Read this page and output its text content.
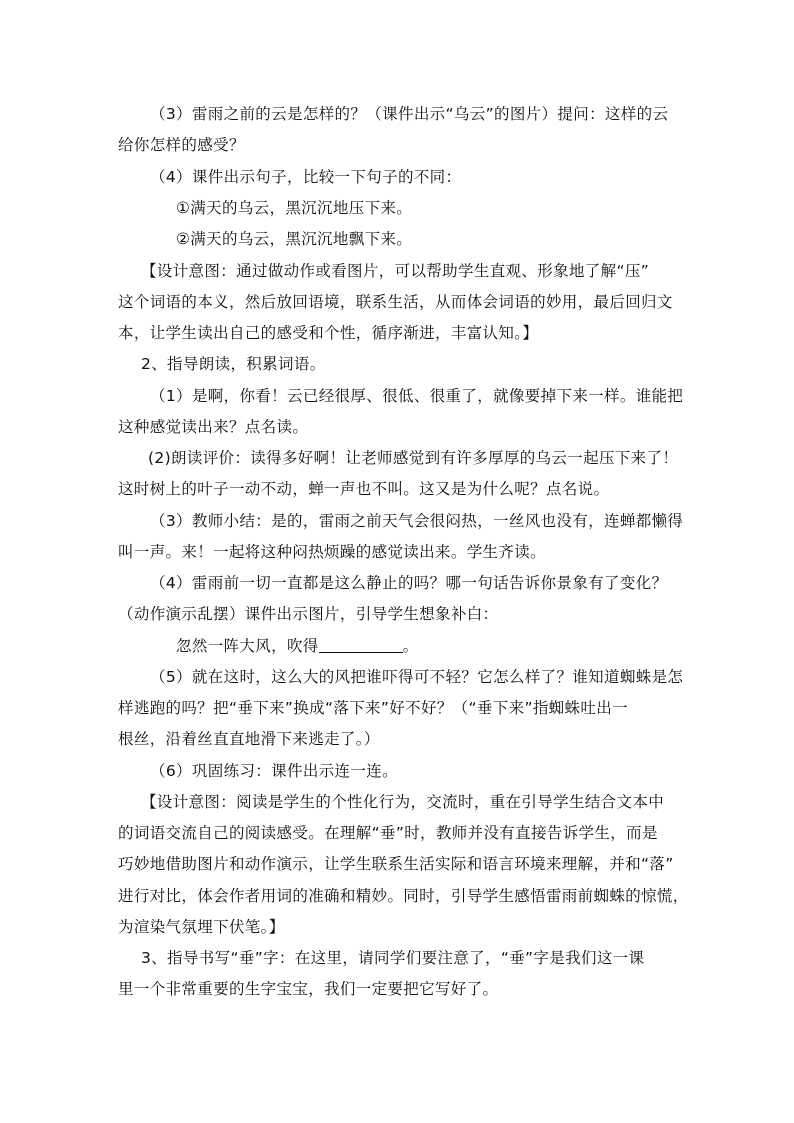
（3）雷雨之前的云是怎样的？（课件出示“乌云”的图片）提问：这样的云

给你怎样的感受？

（4）课件出示句子，比较一下句子的不同：

①满天的乌云，黑沉沉地压下来。

②满天的乌云，黑沉沉地飘下来。

【设计意图：通过做动作或看图片，可以帮助学生直观、形象地了解“压”

这个词语的本义，然后放回语境，联系生活，从而体会词语的妙用，最后回归文

本，让学生读出自己的感受和个性，循序渐进，丰富认知。】

2、指导朗读，积累词语。

（1）是啊，你看！云已经很厚、很低、很重了，就像要掉下来一样。谁能把

这种感觉读出来？点名读。

(2)朗读评价：读得多好啊！让老师感觉到有许多厚厚的乌云一起压下来了！

这时树上的叶子一动不动，蝉一声也不叫。这又是为什么呢？点名说。

（3）教师小结：是的，雷雨之前天气会很闷热，一丝风也没有，连蝉都懒得

叫一声。来！一起将这种闷热烦躁的感觉读出来。学生齐读。

（4）雷雨前一切一直都是这么静止的吗？哪一句话告诉你景象有了变化？

（动作演示乱摆）课件出示图片，引导学生想象补白：

忽然一阵大风，吹得	。

（5）就在这时，这么大的风把谁吓得可不轻？它怎么样了？谁知道蜘蛛是怎

样逃跑的吗？把“垂下来”换成“落下来”好不好？（“垂下来”指蜘蛛吐出一

根丝，沿着丝直直地滑下来逃走了。）

（6）巩固练习：课件出示连一连。

【设计意图：阅读是学生的个性化行为，交流时，重在引导学生结合文本中

的词语交流自己的阅读感受。在理解“垂”时，教师并没有直接告诉学生，而是

巧妙地借助图片和动作演示，让学生联系生活实际和语言环境来理解，并和“落”

进行对比，体会作者用词的准确和精妙。同时，引导学生感悟雷雨前蜘蛛的惊慌，

为渲染气氛埋下伏笔。】

3、指导书写“垂”字：在这里，请同学们要注意了，“垂”字是我们这一课

里一个非常重要的生字宝宝，我们一定要把它写好了。
